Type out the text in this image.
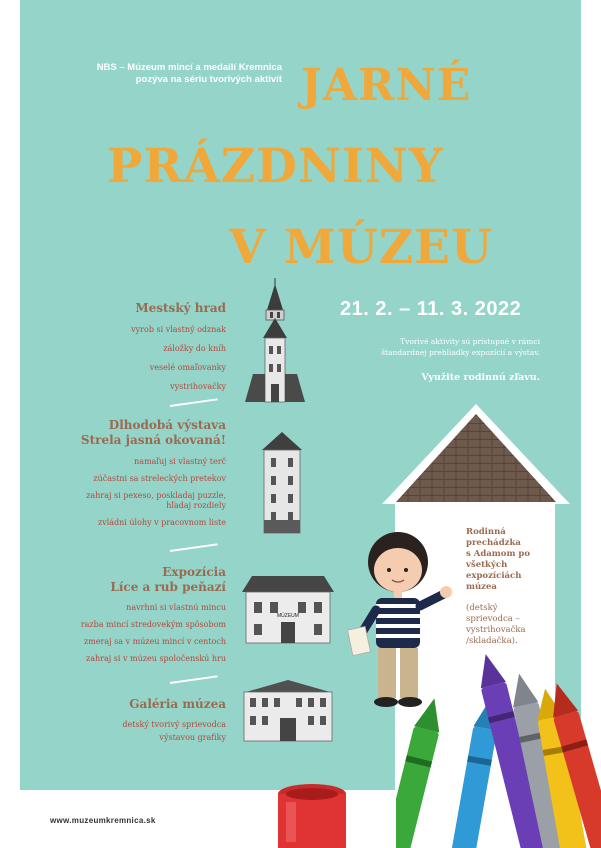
NBS – Múzeum mincí a medailí Kremnica
pozýva na sériu tvorivých aktivít JARNÉ
PRÁZDNINY
V MÚZEU
21. 2. – 11. 3. 2022
Tvorivé aktivity sú prístupné v rámci
štandardnej prehliadky expozícií a výstav.
Využite rodinnú zľavu.
Mestský hrad
vyrob si vlastný odznak
záložky do kníh
veselé omaľovanky
vystrihovačky
Dlhodobá výstava
Strela jasná okovaná!
namaľuj si vlastný terč
zúčastni sa streleckých pretekov
zahraj si pexeso, poskladaj puzzle,
hľadaj rozdiely
zvládni úlohy v pracovnom liste
Expozícia
Líce a rub peňazí
navrhni si vlastnú mincu
razba mincí stredovekým spôsobom
zmeraj sa v múzeu mincí v centoch
zahraj si v múzeu spoločenskú hru
Galéria múzea
detský tvorivý sprievodca
výstavou grafiky
MÚZEUM
Rodinná
prechádzka
s Adamom po
všetkých
expozíciách
múzea
(detský
sprievodca –
vystrihovačka
/skladačka).
www.muzeumkremnica.sk
